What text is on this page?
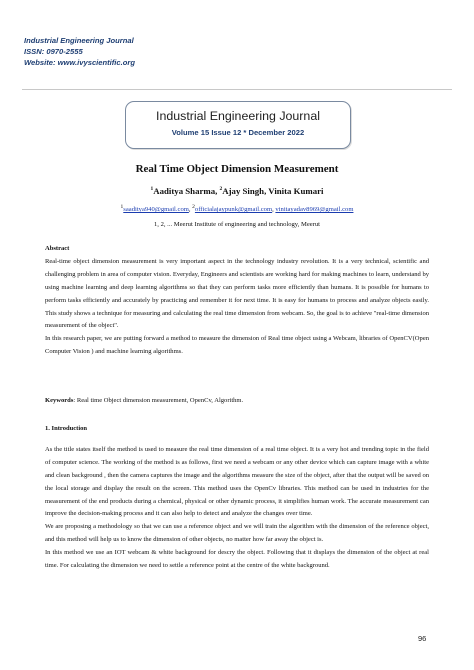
Industrial Engineering Journal
ISSN: 0970-2555
Website: www.ivyscientific.org
Industrial Engineering Journal
Volume 15 Issue 12 * December 2022
Real Time Object Dimension Measurement
$^1$Aaditya Sharma, $^2$Ajay Singh, Vinita Kumari
$^1$saaditya940@gmail.com, $^2$officialajaypunk@gmail.com, vinitayadav8969@gmail.com
1, 2, ... Meerut Institute of engineering and technology, Meerut

Abstract

Real-time object dimension measurement is very important aspect in the technology industry revolution. It is a very technical, scientific and challenging problem in area of computer vision. Everyday, Engineers and scientists are working hard for making machines to learn, understand by using machine learning and deep learning algorithms so that they can perform tasks more efficiently than humans. It is possible for humans to perform tasks efficiently and accurately by practicing and remember it for next time. It is easy for humans to process and analyze objects easily. This study shows a technique for measuring and calculating the real time dimension from webcam. So, the goal is to achieve "real-time dimension measurement of the object".

In this research paper, we are putting forward a method to measure the dimension of Real time object using a Webcam, libraries of OpenCV(Open Computer Vision ) and machine learning algorithms.

Keywords: Real time Object dimension measurement, OpenCv, Algorithm.

1. Introduction

As the title states itself the method is used to measure the real time dimension of a real time object. It is a very hot and trending topic in the field of computer science. The working of the method is as follows, first we need a webcam or any other device which can capture image with a white and clean background , then the camera captures the image and the algorithms measure the size of the object, after that the output will be saved on the local storage and display the result on the screen. This method uses the OpenCv libraries. This method can be used in industries for the measurement of the end products during a chemical, physical or other dynamic process, it simplifies human work. The accurate measurement can improve the decision-making process and it can also help to detect and analyze the changes over time.

We are proposing a methodology so that we can use a reference object and we will train the algorithm with the dimension of the reference object, and this method will help us to know the dimension of other objects, no matter how far away the object is.

In this method we use an IOT webcam & white background for descry the object. Following that it displays the dimension of the object at real time. For calculating the dimension we need to settle a reference point at the centre of the white background.

96
